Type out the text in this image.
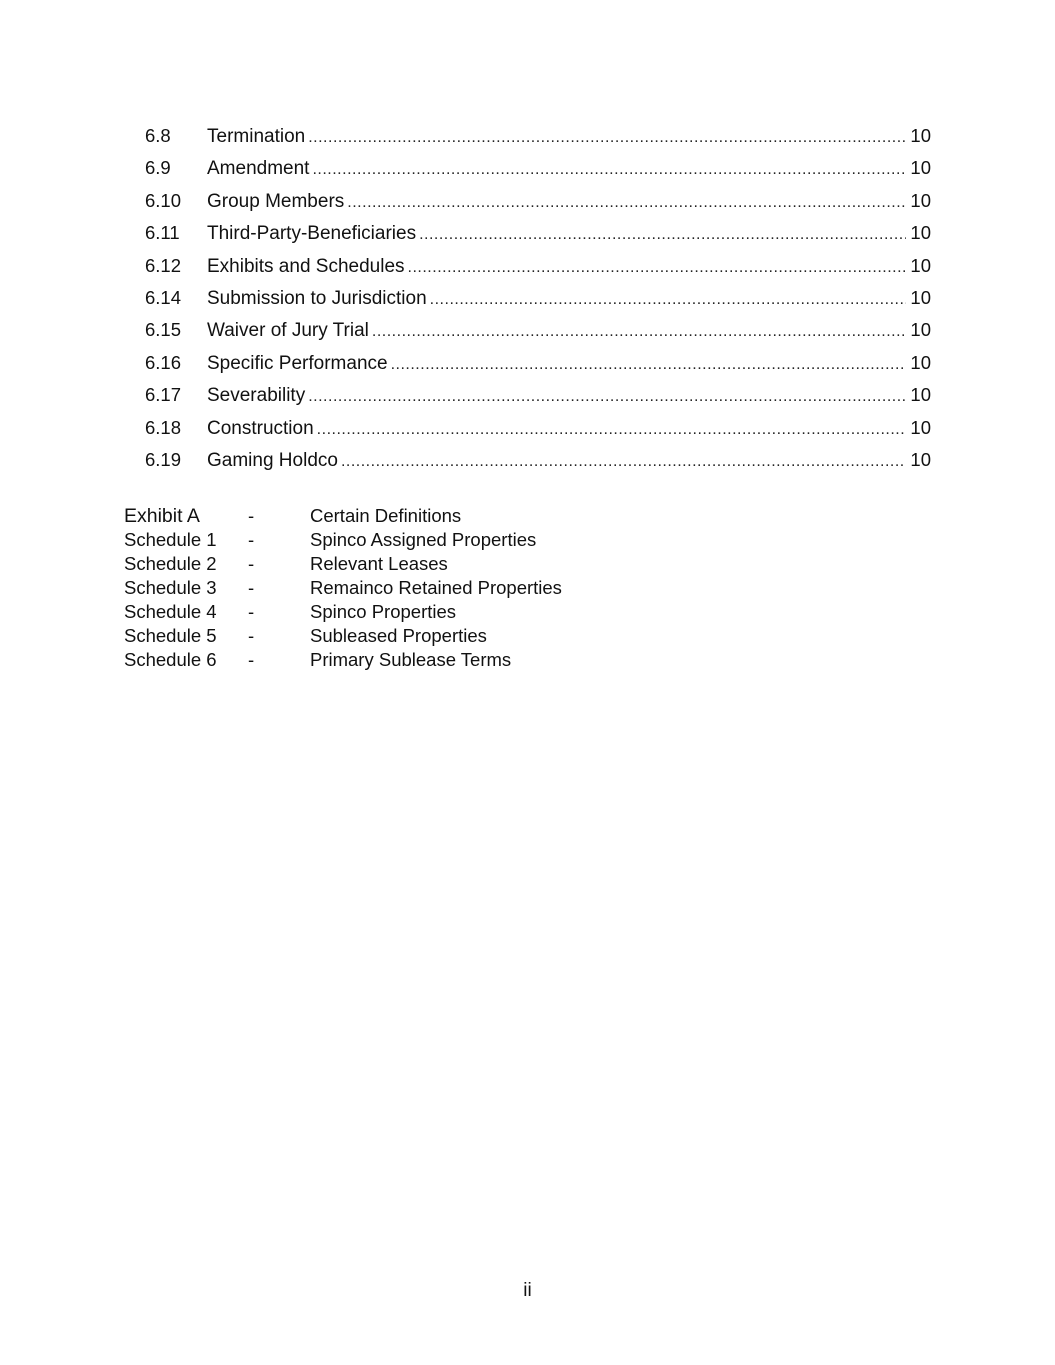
6.8	Termination .....	10
6.9	Amendment .....	10
6.10	Group Members .....	10
6.11	Third-Party-Beneficiaries .....	10
6.12	Exhibits and Schedules .....	10
6.14	Submission to Jurisdiction .....	10
6.15	Waiver of Jury Trial .....	10
6.16	Specific Performance .....	10
6.17	Severability .....	10
6.18	Construction .....	10
6.19	Gaming Holdco .....	10
Exhibit A	-	Certain Definitions
Schedule 1	-	Spinco Assigned Properties
Schedule 2	-	Relevant Leases
Schedule 3	-	Remainco Retained Properties
Schedule 4	-	Spinco Properties
Schedule 5	-	Subleased Properties
Schedule 6	-	Primary Sublease Terms
ii
